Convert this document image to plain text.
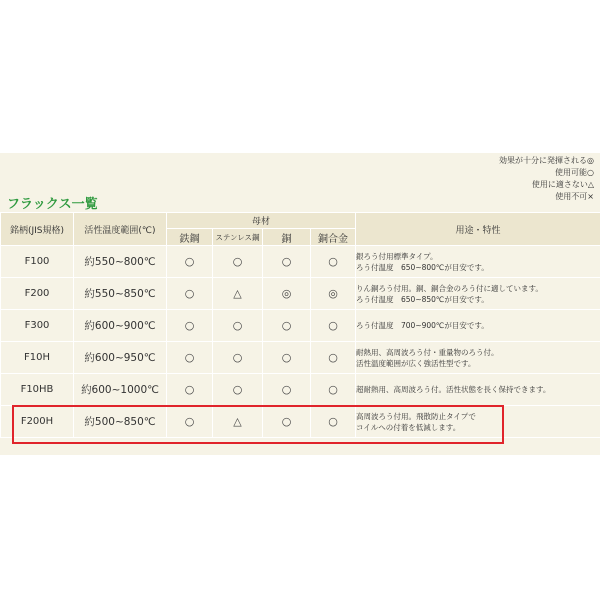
効果が十分に発揮される◎
使用可能○
使用に適さない△
使用不可×
フラックス一覧
銘柄(JIS規格)	活性温度範囲(℃)	母材				用途・特性
		鉄鋼	ステンレス鋼	銅	銅合金	
F100	約550~800℃	○	○	○	○	銀ろう付用標準タイプ。
ろう付温度　650~800℃が目安です。

F200	約550~850℃	○	△	◎	◎	りん銅ろう付用。銅、銅合金のろう付に適しています。
ろう付温度　650~850℃が目安です。

F300	約600~900℃	○	○	○	○	ろう付温度　700~900℃が目安です。

F10H	約600~950℃	○	○	○	○	耐熱用、高周波ろう付・重量物のろう付。
活性温度範囲が広く強活性型です。

F10HB	約600~1000℃	○	○	○	○	超耐熱用、高周波ろう付。活性状態を長く保持できます。

F200H	約500~850℃	○	△	○	○	高周波ろう付用。飛散防止タイプで
コイルへの付着を低減します。
